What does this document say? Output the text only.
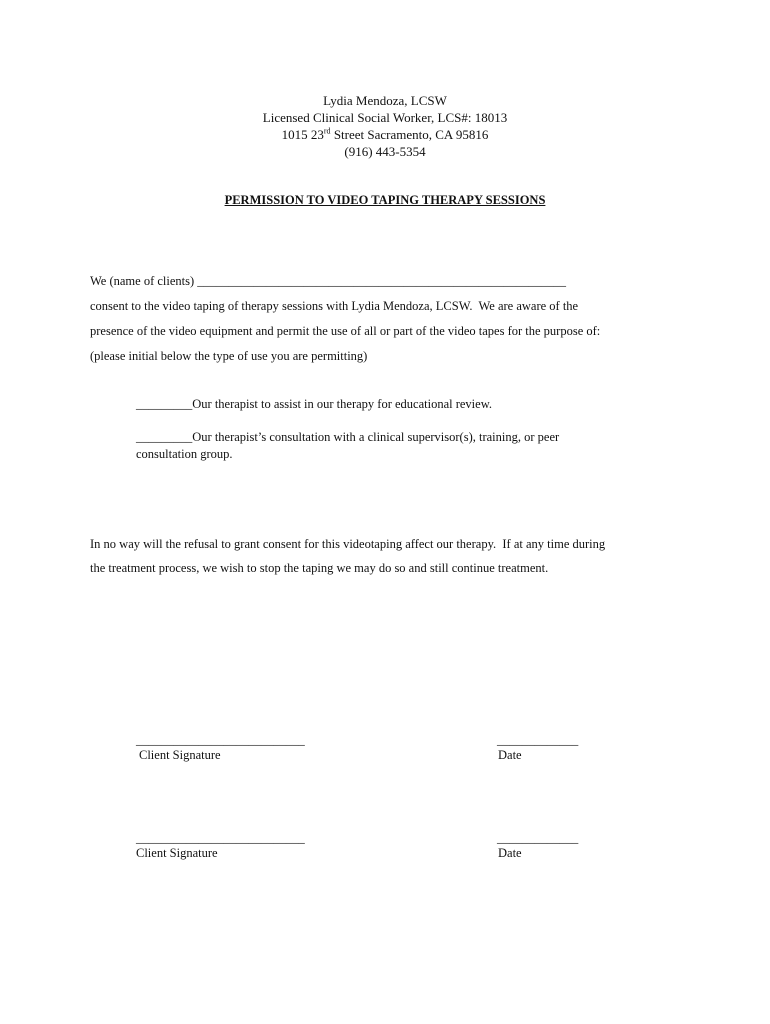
Lydia Mendoza, LCSW
Licensed Clinical Social Worker, LCS#: 18013
1015 23rd Street Sacramento, CA 95816
(916) 443-5354
PERMISSION TO VIDEO TAPING THERAPY SESSIONS
We (name of clients) ___________________________________________________________
consent to the video taping of therapy sessions with Lydia Mendoza, LCSW.  We are aware of the
presence of the video equipment and permit the use of all or part of the video tapes for the purpose of:
(please initial below the type of use you are permitting)
_________Our therapist to assist in our therapy for educational review.
_________Our therapist’s consultation with a clinical supervisor(s), training, or peer
consultation group.
In no way will the refusal to grant consent for this videotaping affect our therapy.  If at any time during
the treatment process, we wish to stop the taping we may do so and still continue treatment.
___________________________
Client Signature
_____________
Date
___________________________
Client Signature
_____________
Date
